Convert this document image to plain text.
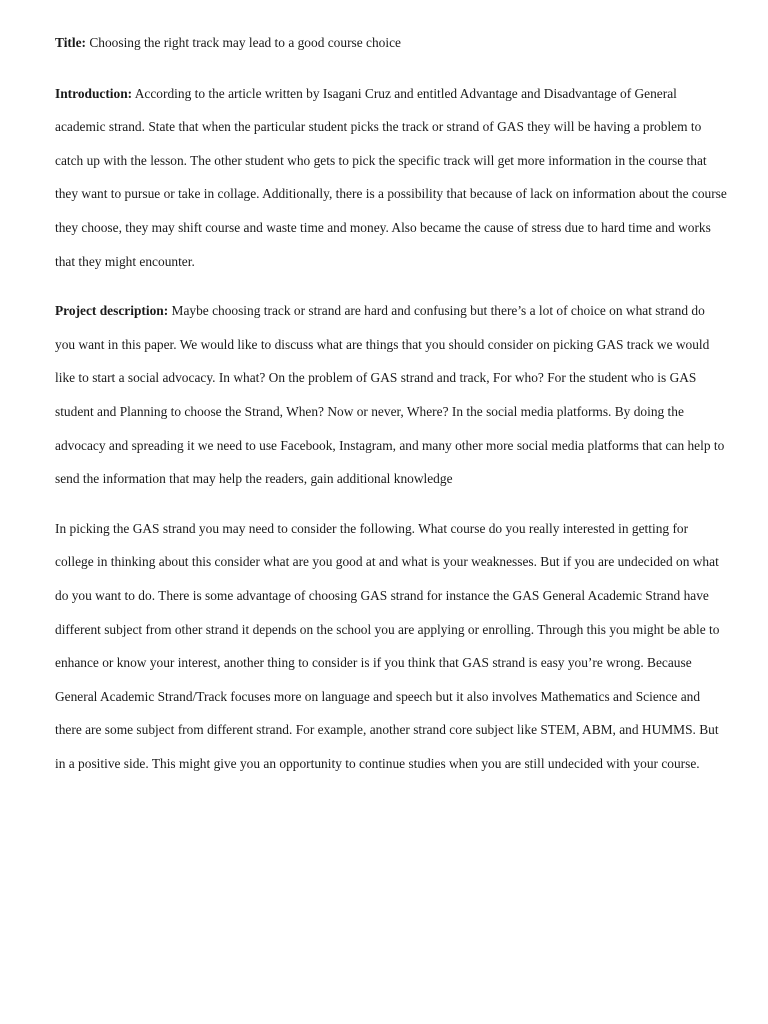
Title: Choosing the right track may lead to a good course choice

Introduction: According to the article written by Isagani Cruz and entitled Advantage and Disadvantage of General academic strand. State that when the particular student picks the track or strand of GAS they will be having a problem to catch up with the lesson. The other student who gets to pick the specific track will get more information in the course that they want to pursue or take in collage. Additionally, there is a possibility that because of lack on information about the course they choose, they may shift course and waste time and money. Also became the cause of stress due to hard time and works that they might encounter.

Project description: Maybe choosing track or strand are hard and confusing but there’s a lot of choice on what strand do you want in this paper. We would like to discuss what are things that you should consider on picking GAS track we would like to start a social advocacy. In what? On the problem of GAS strand and track, For who? For the student who is GAS student and Planning to choose the Strand, When? Now or never, Where? In the social media platforms. By doing the advocacy and spreading it we need to use Facebook, Instagram, and many other more social media platforms that can help to send the information that may help the readers, gain additional knowledge

In picking the GAS strand you may need to consider the following. What course do you really interested in getting for college in thinking about this consider what are you good at and what is your weaknesses. But if you are undecided on what do you want to do. There is some advantage of choosing GAS strand for instance the GAS General Academic Strand have different subject from other strand it depends on the school you are applying or enrolling. Through this you might be able to enhance or know your interest, another thing to consider is if you think that GAS strand is easy you’re wrong. Because General Academic Strand/Track focuses more on language and speech but it also involves Mathematics and Science and there are some subject from different strand. For example, another strand core subject like STEM, ABM, and HUMMS. But in a positive side. This might give you an opportunity to continue studies when you are still undecided with your course.
